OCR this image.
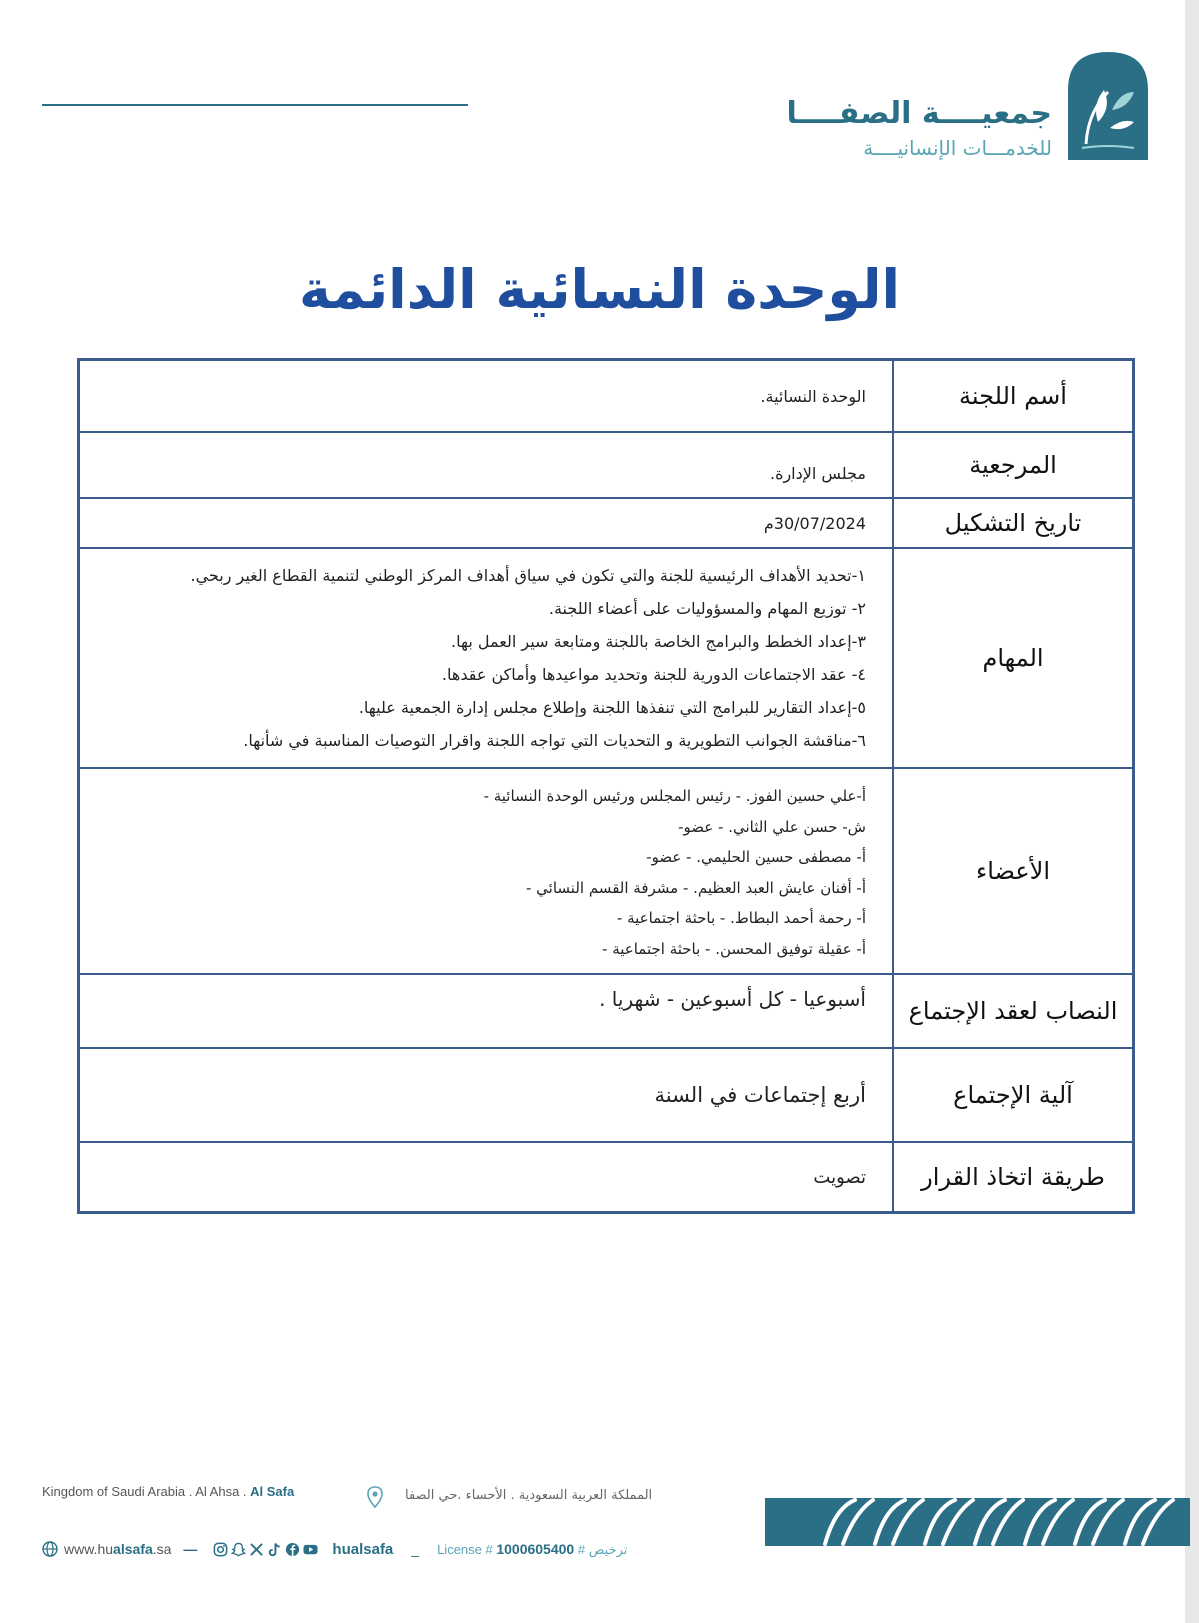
جمعيــــة الصفــــا
للخدمـــات الإنسانيــــة
الوحدة النسائية الدائمة
أسم اللجنة
الوحدة النسائية.
المرجعية
مجلس الإدارة.
تاريخ التشكيل
30/07/2024م
المهام
١-تحديد الأهداف الرئيسية للجنة والتي تكون في سياق أهداف المركز الوطني لتنمية القطاع الغير ربحي.
٢- توزيع المهام والمسؤوليات على أعضاء اللجنة.
٣-إعداد الخطط والبرامج الخاصة باللجنة ومتابعة سير العمل بها.
٤- عقد الاجتماعات الدورية للجنة وتحديد مواعيدها وأماكن عقدها.
٥-إعداد التقارير للبرامج التي تنفذها اللجنة وإطلاع مجلس إدارة الجمعية عليها.
٦-مناقشة الجوانب التطويرية و التحديات التي تواجه اللجنة واقرار التوصيات المناسبة في شأنها.
الأعضاء
أ-علي حسين الفوز. - رئيس المجلس ورئيس الوحدة النسائية -
ش- حسن علي الثاني. - عضو-
أ- مصطفى حسين الحليمي. - عضو-
أ- أفنان عايش العبد العظيم. - مشرفة القسم النسائي -
أ- رحمة أحمد البطاط. - باحثة اجتماعية -
أ- عقيلة توفيق المحسن. - باحثة اجتماعية -
النصاب لعقد الإجتماع
أسبوعيا - كل أسبوعين - شهريا .
آلية الإجتماع
أربع إجتماعات في السنة
طريقة اتخاذ القرار
تصويت
Kingdom of Saudi Arabia . Al Ahsa . Al Safa	المملكة العربية السعودية . الأحساء .حي الصفا
www.hualsafa.sa —	hualsafa _ License # 1000605400 # ترخيص
